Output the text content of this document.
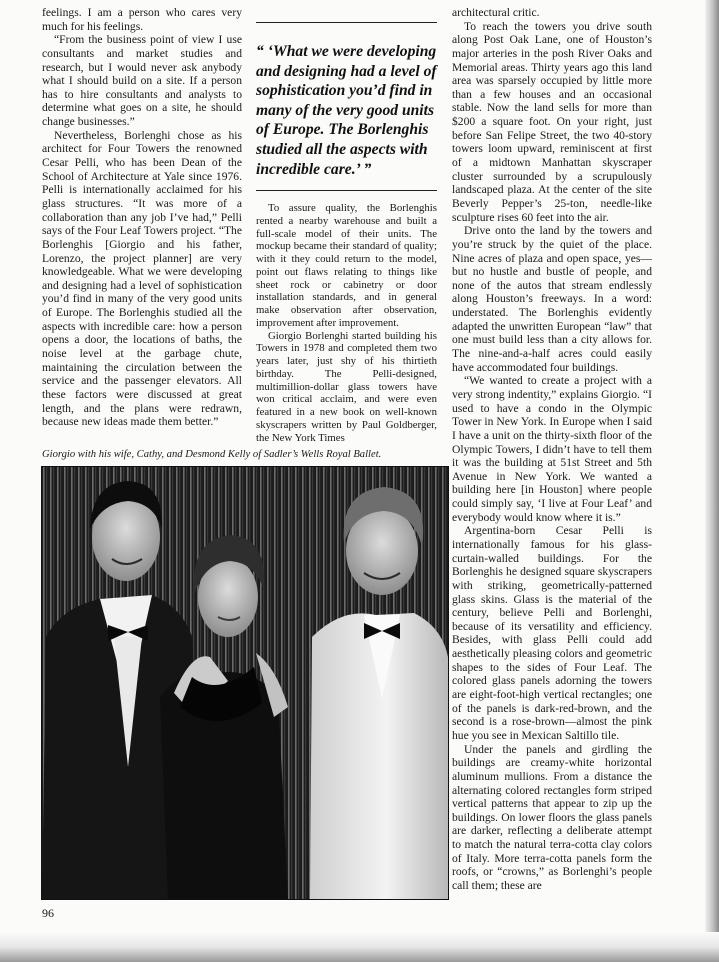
feelings. I am a person who cares very much for his feelings.

“From the business point of view I use consultants and market studies and research, but I would never ask anybody what I should build on a site. If a person has to hire consultants and analysts to determine what goes on a site, he should change businesses.”

Nevertheless, Borlenghi chose as his architect for Four Towers the renowned Cesar Pelli, who has been Dean of the School of Architecture at Yale since 1976. Pelli is internationally acclaimed for his glass structures. “It was more of a collaboration than any job I’ve had,” Pelli says of the Four Leaf Towers project. “The Borlenghis [Giorgio and his father, Lorenzo, the project planner] are very knowledgeable. What we were developing and designing had a level of sophistication you’d find in many of the very good units of Europe. The Borlenghis studied all the aspects with incredible care: how a person opens a door, the locations of baths, the noise level at the garbage chute, maintaining the circulation between the service and the passenger elevators. All these factors were discussed at great length, and the plans were redrawn, because new ideas made them better.”

“ ‘What we were developing and designing had a level of sophistication you’d find in many of the very good units of Europe. The Borlenghis studied all the aspects with incredible care.’ ”

To assure quality, the Borlenghis rented a nearby warehouse and built a full-scale model of their units. The mockup became their standard of quality; with it they could return to the model, point out flaws relating to things like sheet rock or cabinetry or door installation standards, and in general make observation after observation, improvement after improvement.

Giorgio Borlenghi started building his Towers in 1978 and completed them two years later, just shy of his thirtieth birthday. The Pelli-designed, multimillion-dollar glass towers have won critical acclaim, and were even featured in a new book on well-known skyscrapers written by Paul Goldberger, the New York Times

architectural critic.

To reach the towers you drive south along Post Oak Lane, one of Houston’s major arteries in the posh River Oaks and Memorial areas. Thirty years ago this land area was sparsely occupied by little more than a few houses and an occasional stable. Now the land sells for more than $200 a square foot. On your right, just before San Felipe Street, the two 40-story towers loom upward, reminiscent at first of a midtown Manhattan skyscraper cluster surrounded by a scrupulously landscaped plaza. At the center of the site Beverly Pepper’s 25-ton, needle-like sculpture rises 60 feet into the air.

Drive onto the land by the towers and you’re struck by the quiet of the place. Nine acres of plaza and open space, yes—but no hustle and bustle of people, and none of the autos that stream endlessly along Houston’s freeways. In a word: understated. The Borlenghis evidently adapted the unwritten European “law” that one must build less than a city allows for. The nine-and-a-half acres could easily have accommodated four buildings.

“We wanted to create a project with a very strong indentity,” explains Giorgio. “I used to have a condo in the Olympic Tower in New York. In Europe when I said I have a unit on the thirty-sixth floor of the Olympic Towers, I didn’t have to tell them it was the building at 51st Street and 5th Avenue in New York. We wanted a building here [in Houston] where people could simply say, ‘I live at Four Leaf’ and everybody would know where it is.”

Argentina-born Cesar Pelli is internationally famous for his glass-curtain-walled buildings. For the Borlenghis he designed square skyscrapers with striking, geometrically-patterned glass skins. Glass is the material of the century, believe Pelli and Borlenghi, because of its versatility and efficiency. Besides, with glass Pelli could add aesthetically pleasing colors and geometric shapes to the sides of Four Leaf. The colored glass panels adorning the towers are eight-foot-high vertical rectangles; one of the panels is dark-red-brown, and the second is a rose-brown—almost the pink hue you see in Mexican Saltillo tile.

Under the panels and girdling the buildings are creamy-white horizontal aluminum mullions. From a distance the alternating colored rectangles form striped vertical patterns that appear to zip up the buildings. On lower floors the glass panels are darker, reflecting a deliberate attempt to match the natural terra-cotta clay colors of Italy. More terra-cotta panels form the roofs, or “crowns,” as Borlenghi’s people call them; these are

Giorgio with his wife, Cathy, and Desmond Kelly of Sadler’s Wells Royal Ballet.
96
